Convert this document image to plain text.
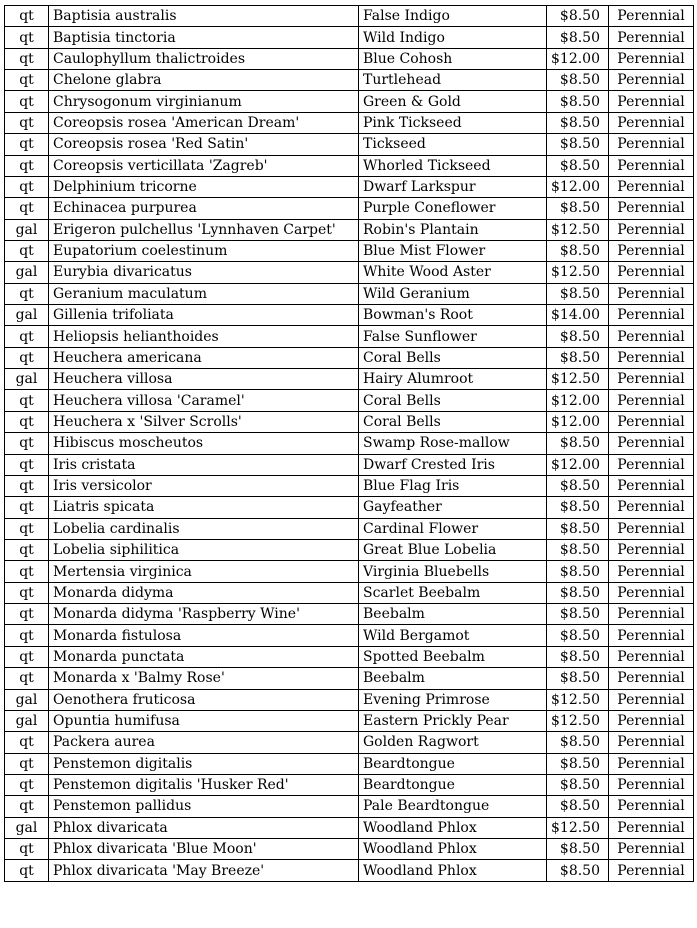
qt	Baptisia australis	False Indigo	$8.50	Perennial
qt	Baptisia tinctoria	Wild Indigo	$8.50	Perennial
qt	Caulophyllum thalictroides	Blue Cohosh	$12.00	Perennial
qt	Chelone glabra	Turtlehead	$8.50	Perennial
qt	Chrysogonum virginianum	Green & Gold	$8.50	Perennial
qt	Coreopsis rosea 'American Dream'	Pink Tickseed	$8.50	Perennial
qt	Coreopsis rosea 'Red Satin'	Tickseed	$8.50	Perennial
qt	Coreopsis verticillata 'Zagreb'	Whorled Tickseed	$8.50	Perennial
qt	Delphinium tricorne	Dwarf Larkspur	$12.00	Perennial
qt	Echinacea purpurea	Purple Coneflower	$8.50	Perennial
gal	Erigeron pulchellus 'Lynnhaven Carpet'	Robin's Plantain	$12.50	Perennial
qt	Eupatorium coelestinum	Blue Mist Flower	$8.50	Perennial
gal	Eurybia divaricatus	White Wood Aster	$12.50	Perennial
qt	Geranium maculatum	Wild Geranium	$8.50	Perennial
gal	Gillenia trifoliata	Bowman's Root	$14.00	Perennial
qt	Heliopsis helianthoides	False Sunflower	$8.50	Perennial
qt	Heuchera americana	Coral Bells	$8.50	Perennial
gal	Heuchera villosa	Hairy Alumroot	$12.50	Perennial
qt	Heuchera villosa 'Caramel'	Coral Bells	$12.00	Perennial
qt	Heuchera x 'Silver Scrolls'	Coral Bells	$12.00	Perennial
qt	Hibiscus moscheutos	Swamp Rose-mallow	$8.50	Perennial
qt	Iris cristata	Dwarf Crested Iris	$12.00	Perennial
qt	Iris versicolor	Blue Flag Iris	$8.50	Perennial
qt	Liatris spicata	Gayfeather	$8.50	Perennial
qt	Lobelia cardinalis	Cardinal Flower	$8.50	Perennial
qt	Lobelia siphilitica	Great Blue Lobelia	$8.50	Perennial
qt	Mertensia virginica	Virginia Bluebells	$8.50	Perennial
qt	Monarda didyma	Scarlet Beebalm	$8.50	Perennial
qt	Monarda didyma 'Raspberry Wine'	Beebalm	$8.50	Perennial
qt	Monarda fistulosa	Wild Bergamot	$8.50	Perennial
qt	Monarda punctata	Spotted Beebalm	$8.50	Perennial
qt	Monarda x 'Balmy Rose'	Beebalm	$8.50	Perennial
gal	Oenothera fruticosa	Evening Primrose	$12.50	Perennial
gal	Opuntia humifusa	Eastern Prickly Pear	$12.50	Perennial
qt	Packera aurea	Golden Ragwort	$8.50	Perennial
qt	Penstemon digitalis	Beardtongue	$8.50	Perennial
qt	Penstemon digitalis 'Husker Red'	Beardtongue	$8.50	Perennial
qt	Penstemon pallidus	Pale Beardtongue	$8.50	Perennial
gal	Phlox divaricata	Woodland Phlox	$12.50	Perennial
qt	Phlox divaricata 'Blue Moon'	Woodland Phlox	$8.50	Perennial
qt	Phlox divaricata 'May Breeze'	Woodland Phlox	$8.50	Perennial
